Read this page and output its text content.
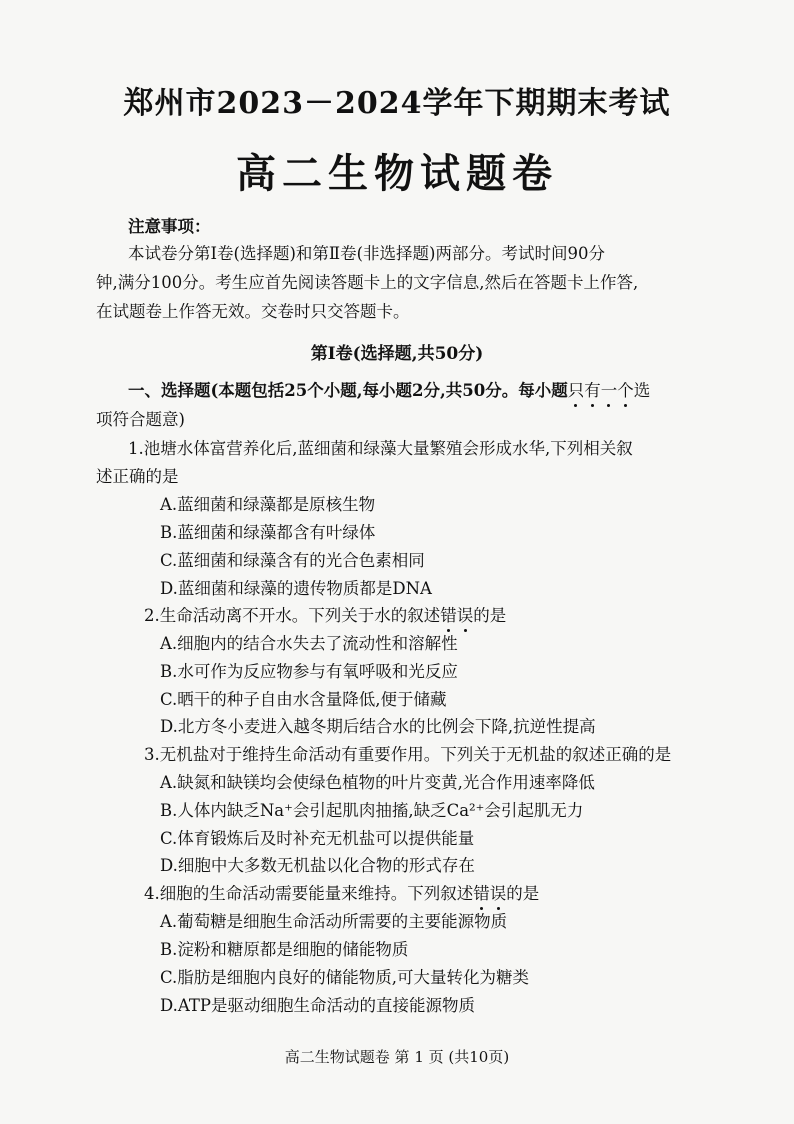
郑州市2023－2024学年下期期末考试
高二生物试题卷
注意事项：
本试卷分第Ⅰ卷(选择题)和第Ⅱ卷(非选择题)两部分。考试时间90分
钟,满分100分。考生应首先阅读答题卡上的文字信息,然后在答题卡上作答,
在试题卷上作答无效。交卷时只交答题卡。
第Ⅰ卷(选择题,共50分)
一、选择题(本题包括25个小题,每小题2分,共50分。每小题只有一个选
项符合题意)
1.池塘水体富营养化后,蓝细菌和绿藻大量繁殖会形成水华,下列相关叙
述正确的是
A.蓝细菌和绿藻都是原核生物
B.蓝细菌和绿藻都含有叶绿体
C.蓝细菌和绿藻含有的光合色素相同
D.蓝细菌和绿藻的遗传物质都是DNA
2.生命活动离不开水。下列关于水的叙述错误的是
A.细胞内的结合水失去了流动性和溶解性
B.水可作为反应物参与有氧呼吸和光反应
C.晒干的种子自由水含量降低,便于储藏
D.北方冬小麦进入越冬期后结合水的比例会下降,抗逆性提高
3.无机盐对于维持生命活动有重要作用。下列关于无机盐的叙述正确的是
A.缺氮和缺镁均会使绿色植物的叶片变黄,光合作用速率降低
B.人体内缺乏Na⁺会引起肌肉抽搐,缺乏Ca²⁺会引起肌无力
C.体育锻炼后及时补充无机盐可以提供能量
D.细胞中大多数无机盐以化合物的形式存在
4.细胞的生命活动需要能量来维持。下列叙述错误的是
A.葡萄糖是细胞生命活动所需要的主要能源物质
B.淀粉和糖原都是细胞的储能物质
C.脂肪是细胞内良好的储能物质,可大量转化为糖类
D.ATP是驱动细胞生命活动的直接能源物质
高二生物试题卷 第 1 页 (共10页)
